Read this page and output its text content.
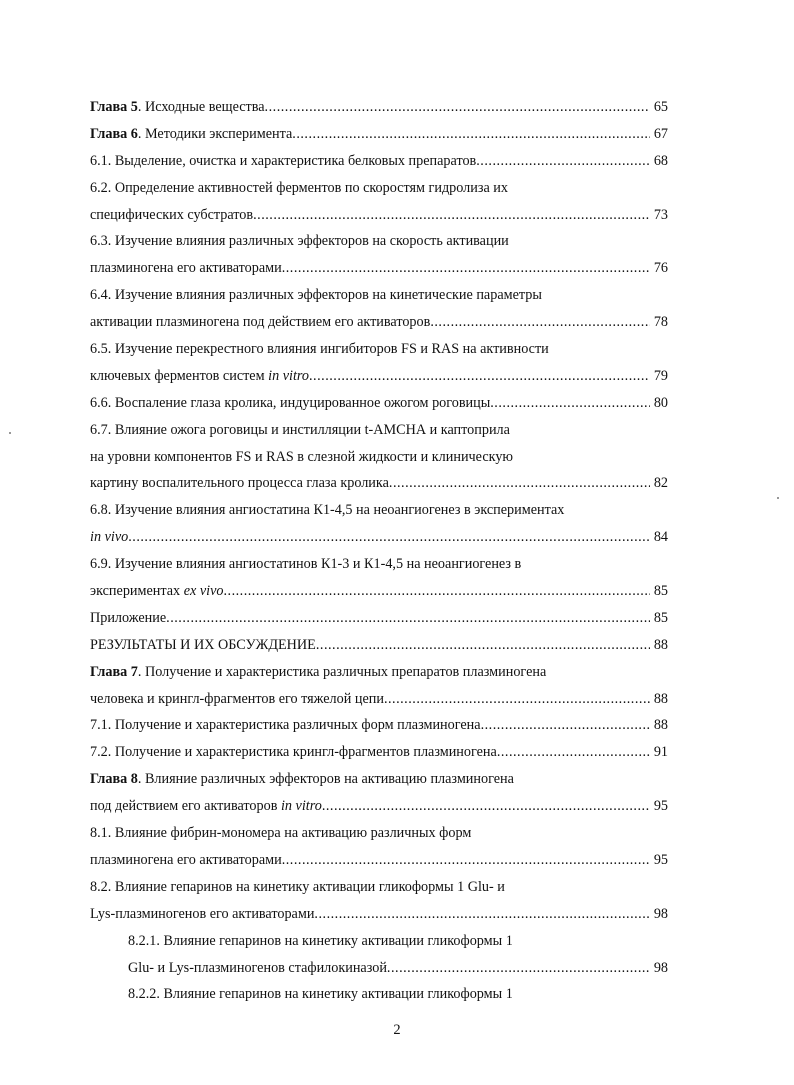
Глава 5. Исходные вещества .....	65
Глава 6. Методики эксперимента .....	67
6.1. Выделение, очистка и характеристика белковых препаратов .....	68
6.2. Определение активностей ферментов по скоростям гидролиза их
специфических субстратов .....	73
6.3. Изучение влияния различных эффекторов на скорость активации
плазминогена его активаторами .....	76
6.4. Изучение влияния различных эффекторов на кинетические параметры
активации плазминогена под действием его активаторов .....	78
6.5. Изучение перекрестного влияния ингибиторов FS и RAS на активности
ключевых ферментов систем in vitro .....	79
6.6. Воспаление глаза кролика, индуцированное ожогом роговицы .....	80
6.7. Влияние ожога роговицы и инстилляции t-АМСНА и каптоприла
на уровни компонентов FS и RAS в слезной жидкости и клиническую
картину воспалительного процесса глаза кролика .....	82
6.8. Изучение влияния ангиостатина К1-4,5 на неоангиогенез в экспериментах
in vivo .....	84
6.9. Изучение влияния ангиостатинов К1-3 и К1-4,5 на неоангиогенез в
экспериментах ex vivo .....	85
Приложение .....	85
РЕЗУЛЬТАТЫ И ИХ ОБСУЖДЕНИЕ .....	88
Глава 7. Получение и характеристика различных препаратов плазминогена
человека и крингл-фрагментов его тяжелой цепи .....	88
7.1. Получение и характеристика различных форм плазминогена .....	88
7.2. Получение и характеристика крингл-фрагментов плазминогена .....	91
Глава 8. Влияние различных эффекторов на активацию плазминогена
под действием его активаторов in vitro .....	95
8.1. Влияние фибрин-мономера на активацию различных форм
плазминогена его активаторами .....	95
8.2. Влияние гепаринов на кинетику активации гликоформы 1 Glu- и
Lys-плазминогенов его активаторами .....	98
8.2.1. Влияние гепаринов на кинетику активации гликоформы 1
Glu- и Lys-плазминогенов стафилокиназой .....	98
8.2.2. Влияние гепаринов на кинетику активации гликоформы 1
2
